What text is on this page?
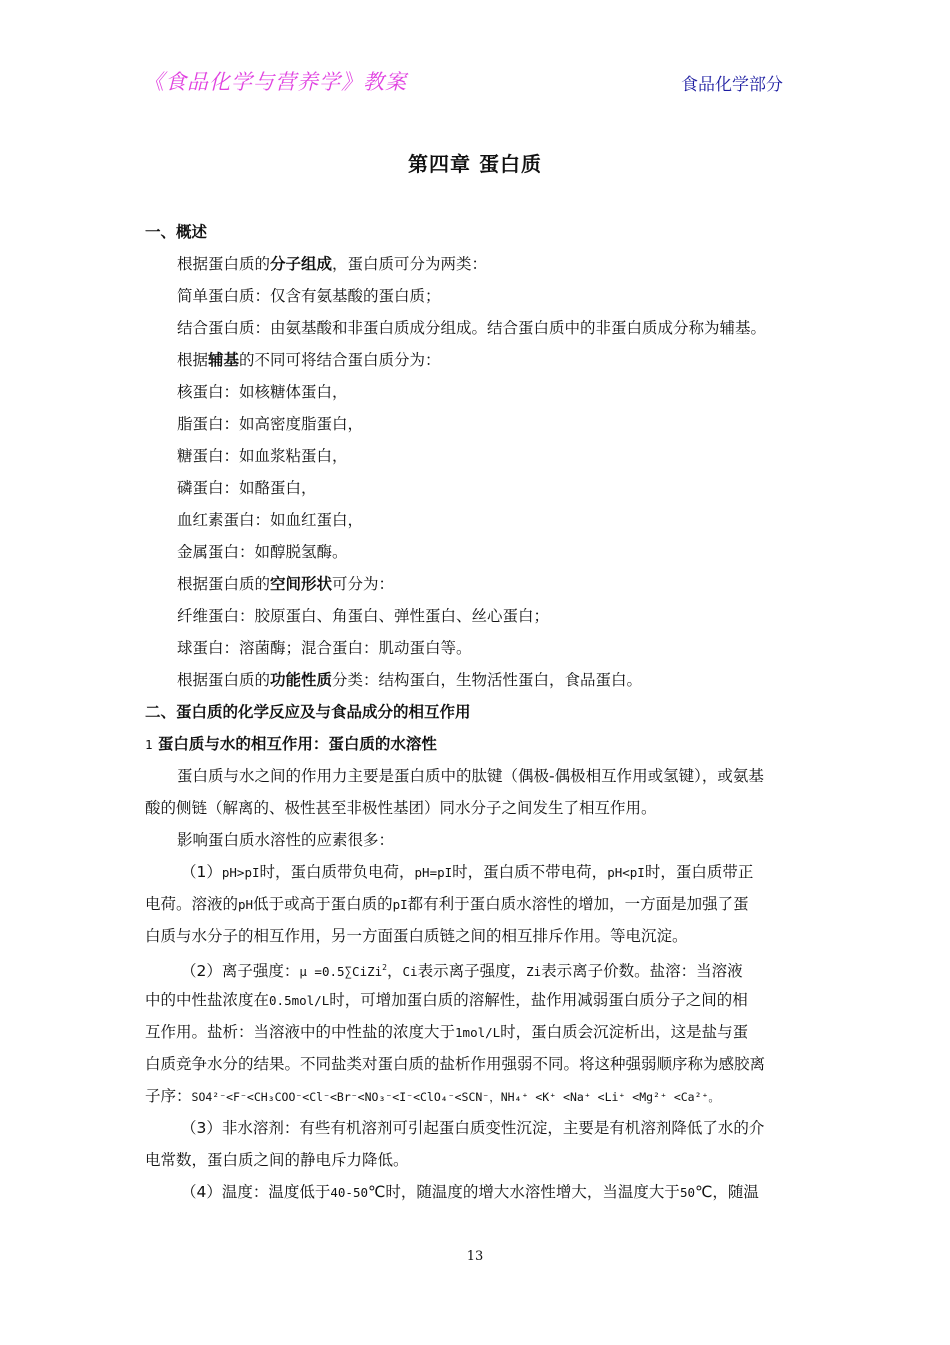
《食品化学与营养学》教案	食品化学部分
第四章 蛋白质
一、概述
根据蛋白质的分子组成，蛋白质可分为两类：
简单蛋白质：仅含有氨基酸的蛋白质；
结合蛋白质：由氨基酸和非蛋白质成分组成。结合蛋白质中的非蛋白质成分称为辅基。
根据辅基的不同可将结合蛋白质分为：
核蛋白：如核糖体蛋白，
脂蛋白：如高密度脂蛋白，
糖蛋白：如血浆粘蛋白，
磷蛋白：如酪蛋白，
血红素蛋白：如血红蛋白，
金属蛋白：如醇脱氢酶。
根据蛋白质的空间形状可分为：
纤维蛋白：胶原蛋白、角蛋白、弹性蛋白、丝心蛋白；
球蛋白：溶菌酶；混合蛋白：肌动蛋白等。
根据蛋白质的功能性质分类：结构蛋白，生物活性蛋白，食品蛋白。
二、蛋白质的化学反应及与食品成分的相互作用
1 蛋白质与水的相互作用：蛋白质的水溶性
蛋白质与水之间的作用力主要是蛋白质中的肽键（偶极-偶极相互作用或氢键），或氨基
酸的侧链（解离的、极性甚至非极性基团）同水分子之间发生了相互作用。
影响蛋白质水溶性的应素很多：
（1）pH>pI时，蛋白质带负电荷，pH=pI时，蛋白质不带电荷，pH<pI时，蛋白质带正
电荷。溶液的pH低于或高于蛋白质的pI都有利于蛋白质水溶性的增加，一方面是加强了蛋
白质与水分子的相互作用，另一方面蛋白质链之间的相互排斥作用。等电沉淀。
（2）离子强度：μ =0.5∑CiZi$^2$，Ci表示离子强度，Zi表示离子价数。盐溶：当溶液
中的中性盐浓度在0.5mol/L时，可增加蛋白质的溶解性，盐作用减弱蛋白质分子之间的相
互作用。盐析：当溶液中的中性盐的浓度大于1mol/L时，蛋白质会沉淀析出，这是盐与蛋
白质竞争水分的结果。不同盐类对蛋白质的盐析作用强弱不同。将这种强弱顺序称为感胶离
子序：SO4²⁻<F⁻<CH₃COO⁻<Cl⁻<Br⁻<NO₃⁻<I⁻<ClO₄⁻<SCN⁻，NH₄⁺ <K⁺ <Na⁺ <Li⁺ <Mg²⁺ <Ca²⁺。
（3）非水溶剂：有些有机溶剂可引起蛋白质变性沉淀，主要是有机溶剂降低了水的介
电常数，蛋白质之间的静电斥力降低。
（4）温度：温度低于40-50℃时，随温度的增大水溶性增大，当温度大于50℃，随温
13
